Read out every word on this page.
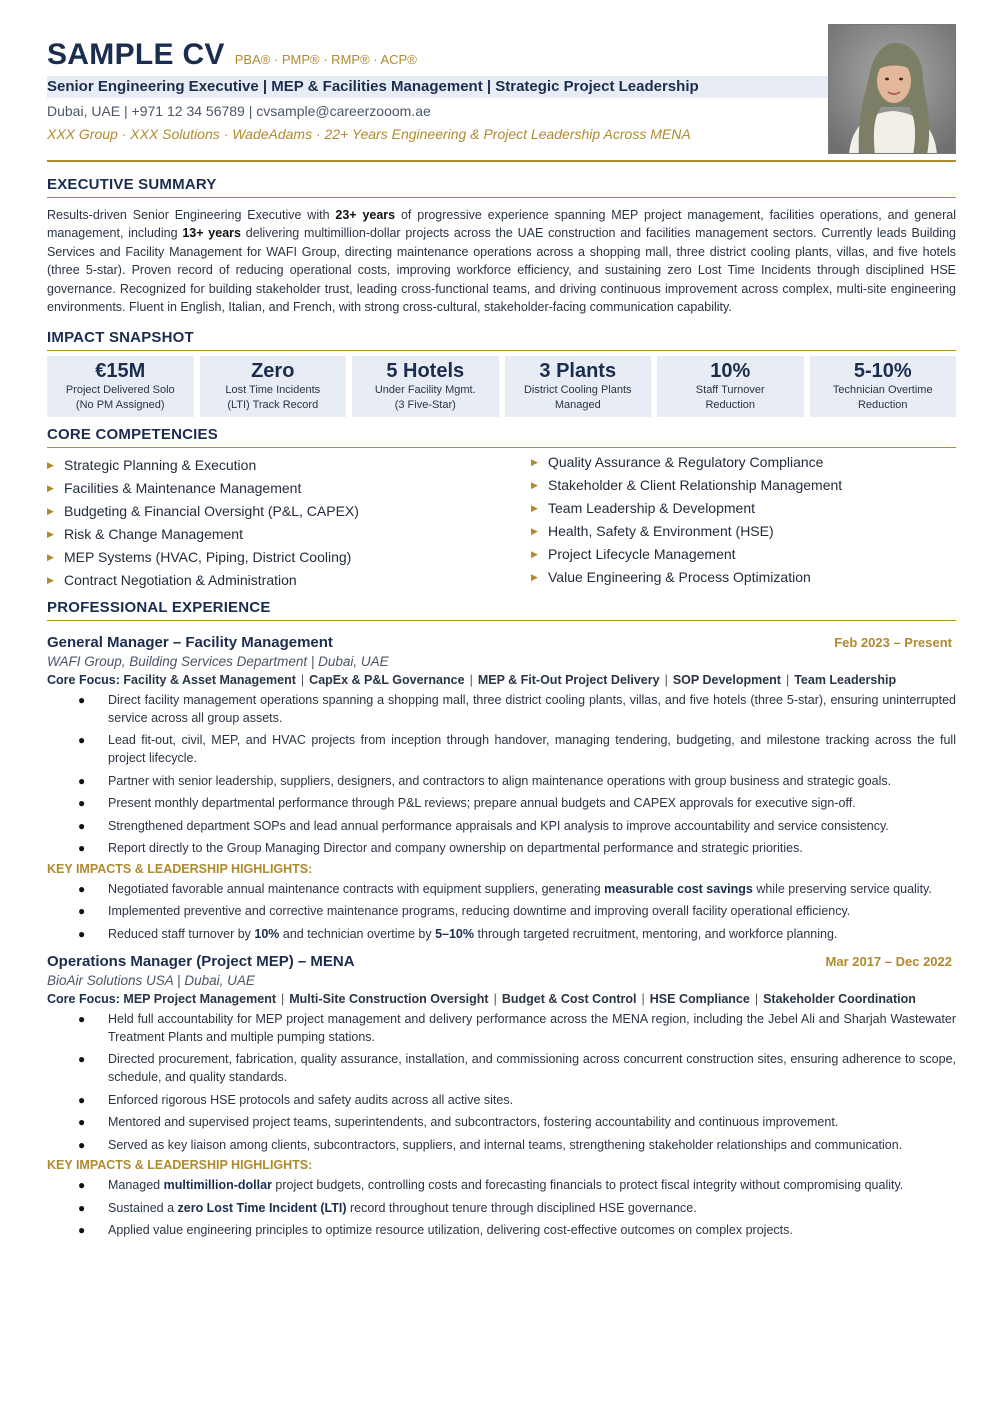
SAMPLE CV PBA® · PMP® · RMP® · ACP®
Senior Engineering Executive | MEP & Facilities Management | Strategic Project Leadership
Dubai, UAE | +971 12 34 56789 | cvsample@careerzooom.ae
XXX Group · XXX Solutions · WadeAdams · 22+ Years Engineering & Project Leadership Across MENA
EXECUTIVE SUMMARY

Results-driven Senior Engineering Executive with 23+ years of progressive experience spanning MEP project management, facilities operations, and general management, including 13+ years delivering multimillion-dollar projects across the UAE construction and facilities management sectors. Currently leads Building Services and Facility Management for WAFI Group, directing maintenance operations across a shopping mall, three district cooling plants, villas, and five hotels (three 5-star). Proven record of reducing operational costs, improving workforce efficiency, and sustaining zero Lost Time Incidents through disciplined HSE governance. Recognized for building stakeholder trust, leading cross-functional teams, and driving continuous improvement across complex, multi-site engineering environments. Fluent in English, Italian, and French, with strong cross-cultural, stakeholder-facing communication capability.

IMPACT SNAPSHOT
€15M
Project Delivered Solo
(No PM Assigned)
Zero
Lost Time Incidents
(LTI) Track Record
5 Hotels
Under Facility Mgmt.
(3 Five-Star)
3 Plants
District Cooling Plants
Managed
10%
Staff Turnover
Reduction
5-10%
Technician Overtime
Reduction
CORE COMPETENCIES
▶ Strategic Planning & Execution
▶ Facilities & Maintenance Management
▶ Budgeting & Financial Oversight (P&L, CAPEX)
▶ Risk & Change Management
▶ MEP Systems (HVAC, Piping, District Cooling)
▶ Contract Negotiation & Administration
▶ Quality Assurance & Regulatory Compliance
▶ Stakeholder & Client Relationship Management
▶ Team Leadership & Development
▶ Health, Safety & Environment (HSE)
▶ Project Lifecycle Management
▶ Value Engineering & Process Optimization
PROFESSIONAL EXPERIENCE
General Manager – Facility Management	Feb 2023 – Present
WAFI Group, Building Services Department | Dubai, UAE
Core Focus: Facility & Asset Management | CapEx & P&L Governance | MEP & Fit-Out Project Delivery | SOP Development | Team Leadership
● Direct facility management operations spanning a shopping mall, three district cooling plants, villas, and five hotels (three 5-star), ensuring uninterrupted service across all group assets.
● Lead fit-out, civil, MEP, and HVAC projects from inception through handover, managing tendering, budgeting, and milestone tracking across the full project lifecycle.
● Partner with senior leadership, suppliers, designers, and contractors to align maintenance operations with group business and strategic goals.
● Present monthly departmental performance through P&L reviews; prepare annual budgets and CAPEX approvals for executive sign-off.
● Strengthened department SOPs and lead annual performance appraisals and KPI analysis to improve accountability and service consistency.
● Report directly to the Group Managing Director and company ownership on departmental performance and strategic priorities.
KEY IMPACTS & LEADERSHIP HIGHLIGHTS:
● Negotiated favorable annual maintenance contracts with equipment suppliers, generating measurable cost savings while preserving service quality.
● Implemented preventive and corrective maintenance programs, reducing downtime and improving overall facility operational efficiency.
● Reduced staff turnover by 10% and technician overtime by 5–10% through targeted recruitment, mentoring, and workforce planning.
Operations Manager (Project MEP) – MENA	Mar 2017 – Dec 2022
BioAir Solutions USA | Dubai, UAE
Core Focus: MEP Project Management | Multi-Site Construction Oversight | Budget & Cost Control | HSE Compliance | Stakeholder Coordination
● Held full accountability for MEP project management and delivery performance across the MENA region, including the Jebel Ali and Sharjah Wastewater Treatment Plants and multiple pumping stations.
● Directed procurement, fabrication, quality assurance, installation, and commissioning across concurrent construction sites, ensuring adherence to scope, schedule, and quality standards.
● Enforced rigorous HSE protocols and safety audits across all active sites.
● Mentored and supervised project teams, superintendents, and subcontractors, fostering accountability and continuous improvement.
● Served as key liaison among clients, subcontractors, suppliers, and internal teams, strengthening stakeholder relationships and communication.
KEY IMPACTS & LEADERSHIP HIGHLIGHTS:
● Managed multimillion-dollar project budgets, controlling costs and forecasting financials to protect fiscal integrity without compromising quality.
● Sustained a zero Lost Time Incident (LTI) record throughout tenure through disciplined HSE governance.
● Applied value engineering principles to optimize resource utilization, delivering cost-effective outcomes on complex projects.
